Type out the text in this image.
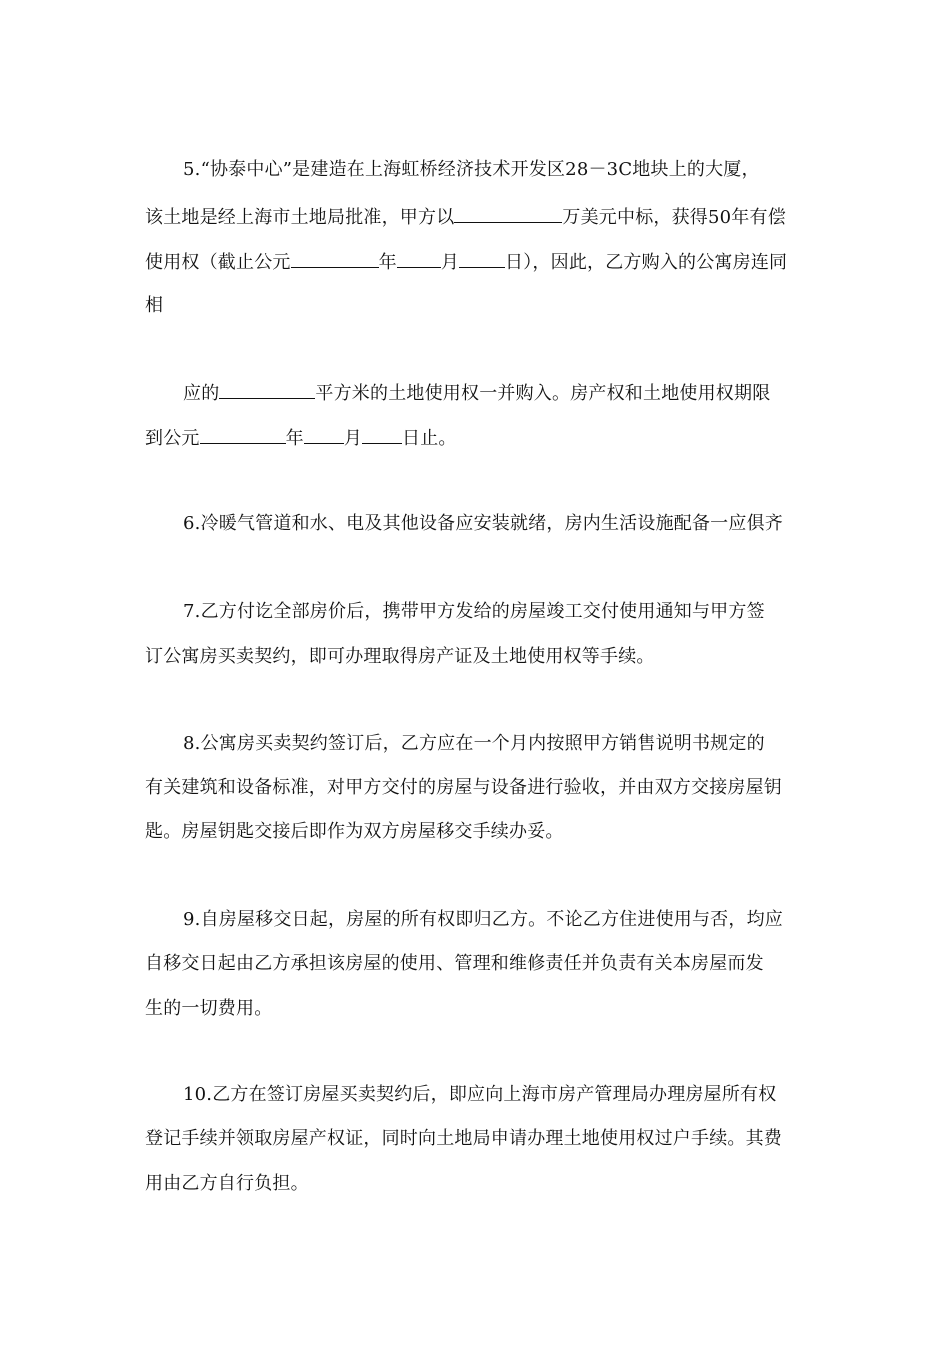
5.“协泰中心”是建造在上海虹桥经济技术开发区28－3C地块上的大厦，
该土地是经上海市土地局批准，甲方以	万美元中标，获得50年有偿
使用权（截止公元	年 月	日），因此，乙方购入的公寓房连同
相
应的	平方米的土地使用权一并购入。房产权和土地使用权期限
到公元	年 月 日止。
6.冷暖气管道和水、电及其他设备应安装就绪，房内生活设施配备一应俱齐
7.乙方付讫全部房价后，携带甲方发给的房屋竣工交付使用通知与甲方签
订公寓房买卖契约，即可办理取得房产证及土地使用权等手续。
8.公寓房买卖契约签订后，乙方应在一个月内按照甲方销售说明书规定的
有关建筑和设备标准，对甲方交付的房屋与设备进行验收，并由双方交接房屋钥
匙。房屋钥匙交接后即作为双方房屋移交手续办妥。
9.自房屋移交日起，房屋的所有权即归乙方。不论乙方住进使用与否，均应
自移交日起由乙方承担该房屋的使用、管理和维修责任并负责有关本房屋而发
生的一切费用。
10.乙方在签订房屋买卖契约后，即应向上海市房产管理局办理房屋所有权
登记手续并领取房屋产权证，同时向土地局申请办理土地使用权过户手续。其费
用由乙方自行负担。
